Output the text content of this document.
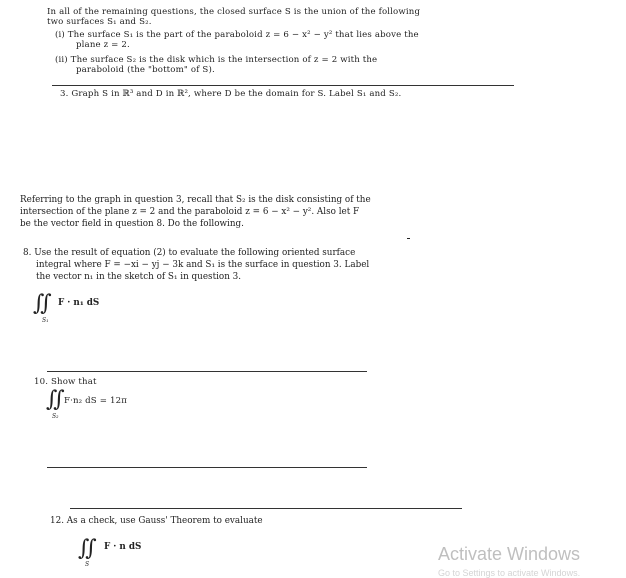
In all of the remaining questions, the closed surface S is the union of the following
two surfaces S₁ and S₂.
(i) The surface S₁ is the part of the paraboloid z = 6 − x² − y² that lies above the
plane z = 2.
(ii) The surface S₂ is the disk which is the intersection of z = 2 with the
paraboloid (the "bottom" of S).
3. Graph S in ℝ³ and D in ℝ², where D be the domain for S. Label S₁ and S₂.
Referring to the graph in question 3, recall that S₂ is the disk consisting of the
intersection of the plane z = 2 and the paraboloid z = 6 − x² − y². Also let F
be the vector field in question 8. Do the following.
8. Use the result of equation (2) to evaluate the following oriented surface
integral where F = −xi − yj − 3k and S₁ is the surface in question 3. Label
the vector n₁ in the sketch of S₁ in question 3.
∬ F · n₁ dS
S₁
10. Show that
∬ F·n₂ dS = 12π
S₂
12. As a check, use Gauss' Theorem to evaluate
∬ F · n dS
S
Activate Windows
Go to Settings to activate Windows.
